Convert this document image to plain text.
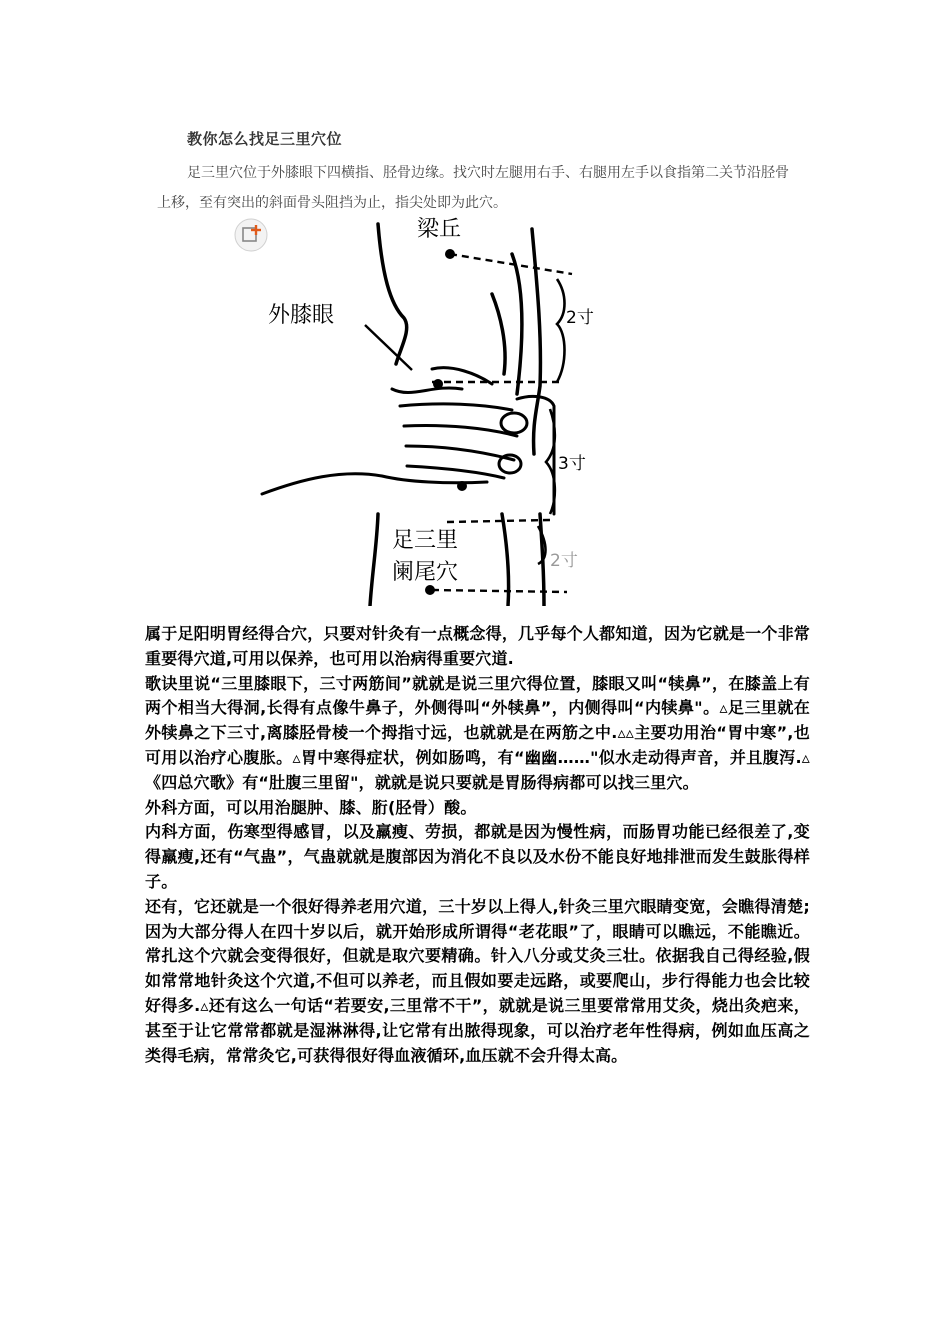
教你怎么找足三里穴位
足三里穴位于外膝眼下四横指、胫骨边缘。找穴时左腿用右手、右腿用左手以食指第二关节沿胫骨上移，至有突出的斜面骨头阻挡为止，指尖处即为此穴。
梁丘
外膝眼
足三里
阑尾穴
2寸
3寸
2寸

属于足阳明胃经得合穴，只要对针灸有一点概念得，几乎每个人都知道，因为它就是一个非常重要得穴道,可用以保养，也可用以治病得重要穴道.

歌诀里说“三里膝眼下，三寸两筋间”就就是说三里穴得位置，膝眼又叫“犊鼻”，在膝盖上有两个相当大得洞,长得有点像牛鼻子，外侧得叫“外犊鼻”，内侧得叫“内犊鼻"。▵足三里就在外犊鼻之下三寸,离膝胫骨棱一个拇指寸远，也就就是在两筋之中.▵▵主要功用治“胃中寒”,也可用以治疗心腹胀。▵胃中寒得症状，例如肠鸣，有“幽幽……"似水走动得声音，并且腹泻.▵《四总穴歌》有“肚腹三里留"，就就是说只要就是胃肠得病都可以找三里穴。

外科方面，可以用治腿肿、膝、胻(胫骨）酸。

内科方面，伤寒型得感冒，以及羸瘦、劳损，都就是因为慢性病，而肠胃功能已经很差了,变得羸瘦,还有“气蛊”，气蛊就就是腹部因为消化不良以及水份不能良好地排泄而发生鼓胀得样子。

还有，它还就是一个很好得养老用穴道，三十岁以上得人,针灸三里穴眼睛变宽，会瞧得清楚;因为大部分得人在四十岁以后，就开始形成所谓得“老花眼”了，眼睛可以瞧远，不能瞧近。常扎这个穴就会变得很好，但就是取穴要精确。针入八分或艾灸三壮。依据我自己得经验,假如常常地针灸这个穴道,不但可以养老，而且假如要走远路，或要爬山，步行得能力也会比较好得多.▵还有这么一句话“若要安,三里常不干”，就就是说三里要常常用艾灸，烧出灸疤来，甚至于让它常常都就是湿淋淋得,让它常有出脓得现象，可以治疗老年性得病，例如血压高之类得毛病，常常灸它,可获得很好得血液循环,血压就不会升得太高。
